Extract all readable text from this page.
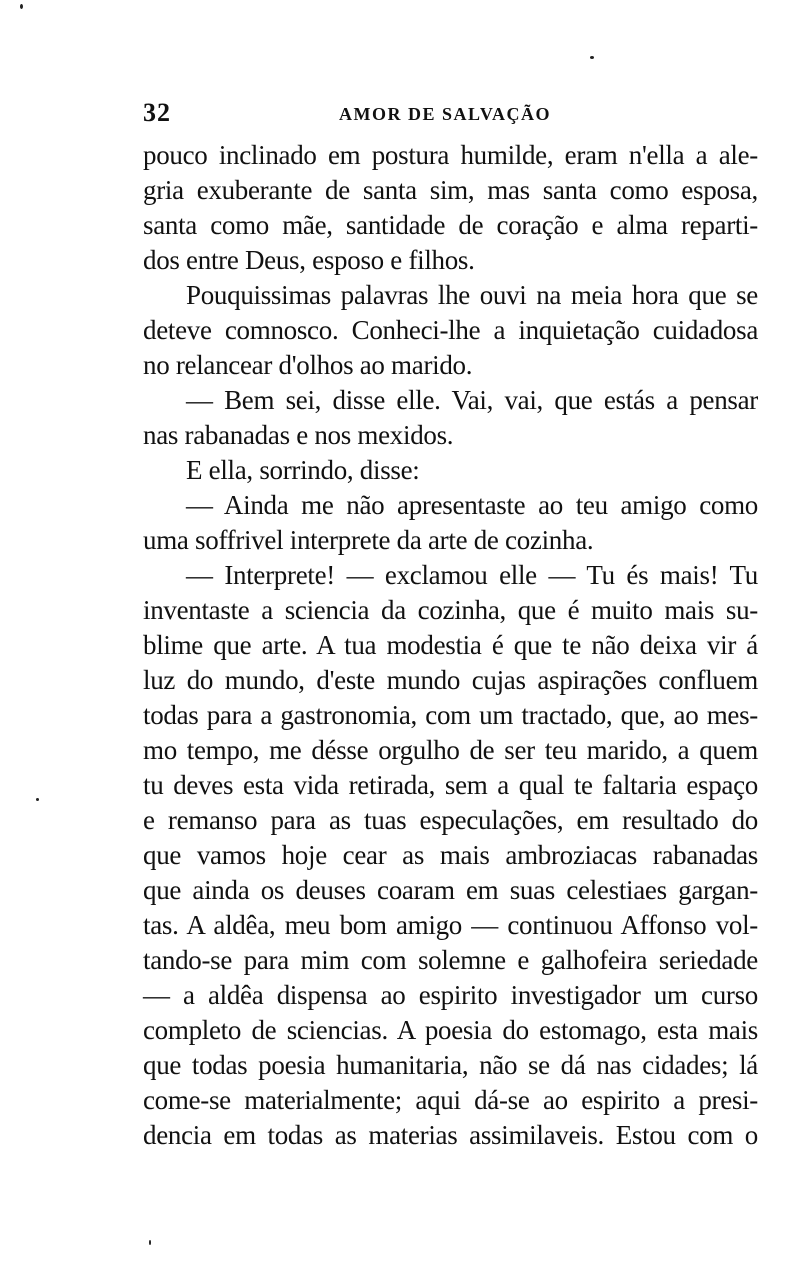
32	AMOR DE SALVAÇÃO
pouco inclinado em postura humilde, eram n'ella a ale-
gria exuberante de santa sim, mas santa como esposa,
santa como mãe, santidade de coração e alma reparti-
dos entre Deus, esposo e filhos.
Pouquissimas palavras lhe ouvi na meia hora que se
deteve comnosco. Conheci-lhe a inquietação cuidadosa
no relancear d'olhos ao marido.
— Bem sei, disse elle. Vai, vai, que estás a pensar
nas rabanadas e nos mexidos.
E ella, sorrindo, disse:
— Ainda me não apresentaste ao teu amigo como
uma soffrivel interprete da arte de cozinha.
— Interprete! — exclamou elle — Tu és mais! Tu
inventaste a sciencia da cozinha, que é muito mais su-
blime que arte. A tua modestia é que te não deixa vir á
luz do mundo, d'este mundo cujas aspirações confluem
todas para a gastronomia, com um tractado, que, ao mes-
mo tempo, me désse orgulho de ser teu marido, a quem
tu deves esta vida retirada, sem a qual te faltaria espaço
e remanso para as tuas especulações, em resultado do
que vamos hoje cear as mais ambroziacas rabanadas
que ainda os deuses coaram em suas celestiaes gargan-
tas. A aldêa, meu bom amigo — continuou Affonso vol-
tando-se para mim com solemne e galhofeira seriedade
— a aldêa dispensa ao espirito investigador um curso
completo de sciencias. A poesia do estomago, esta mais
que todas poesia humanitaria, não se dá nas cidades; lá
come-se materialmente; aqui dá-se ao espirito a presi-
dencia em todas as materias assimilaveis. Estou com o
